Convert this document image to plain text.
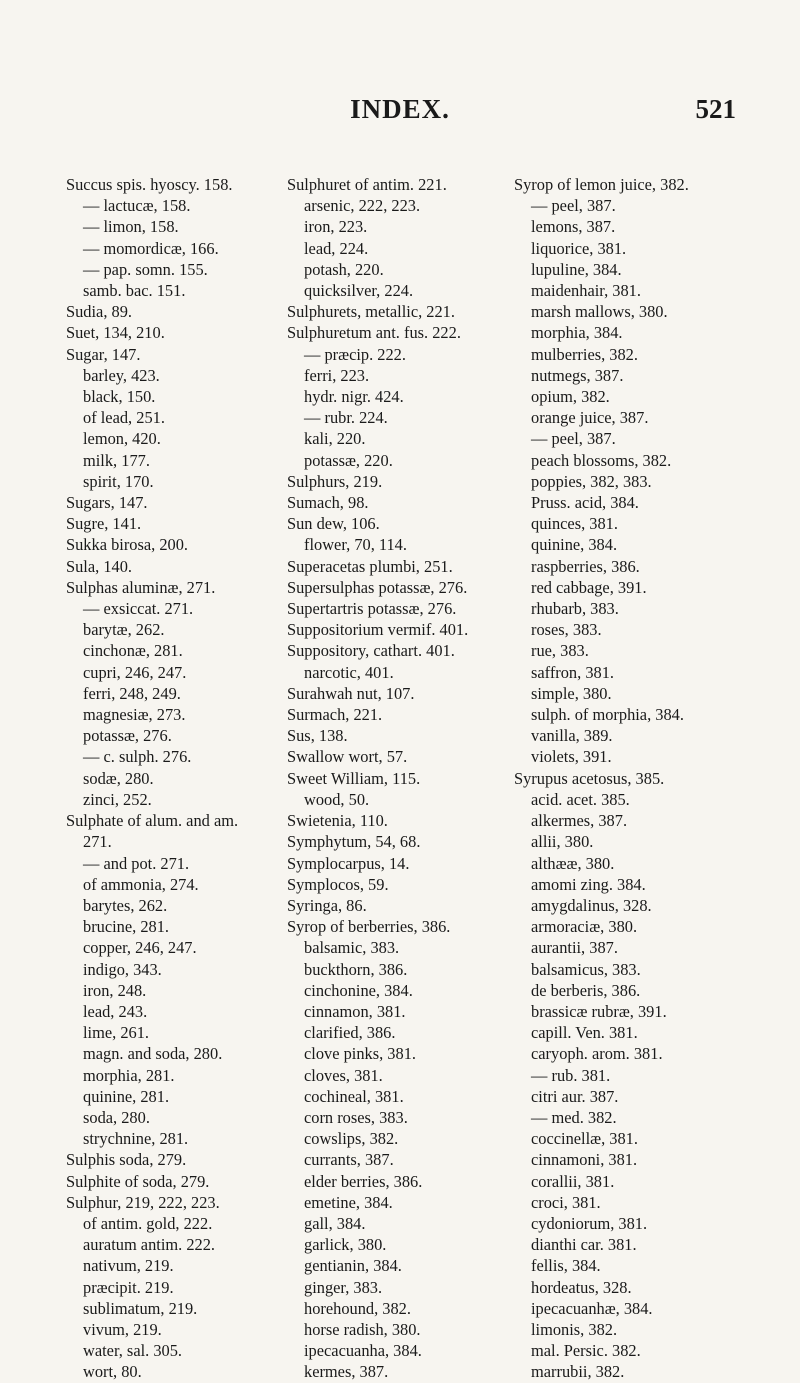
INDEX.	521
Succus spis. hyoscy. 158.
— lactucæ, 158.
— limon, 158.
— momordicæ, 166.
— pap. somn. 155.
samb. bac. 151.
Sudia, 89.
Suet, 134, 210.
Sugar, 147.
barley, 423.
black, 150.
of lead, 251.
lemon, 420.
milk, 177.
spirit, 170.
Sugars, 147.
Sugre, 141.
Sukka birosa, 200.
Sula, 140.
Sulphas aluminæ, 271.
— exsiccat. 271.
barytæ, 262.
cinchonæ, 281.
cupri, 246, 247.
ferri, 248, 249.
magnesiæ, 273.
potassæ, 276.
— c. sulph. 276.
sodæ, 280.
zinci, 252.
Sulphate of alum. and am.
271.
— and pot. 271.
of ammonia, 274.
barytes, 262.
brucine, 281.
copper, 246, 247.
indigo, 343.
iron, 248.
lead, 243.
lime, 261.
magn. and soda, 280.
morphia, 281.
quinine, 281.
soda, 280.
strychnine, 281.
Sulphis soda, 279.
Sulphite of soda, 279.
Sulphur, 219, 222, 223.
of antim. gold, 222.
auratum antim. 222.
nativum, 219.
præcipit. 219.
sublimatum, 219.
vivum, 219.
water, sal. 305.
wort, 80.
Sulphuret of antim. 221.
arsenic, 222, 223.
iron, 223.
lead, 224.
potash, 220.
quicksilver, 224.
Sulphurets, metallic, 221.
Sulphuretum ant. fus. 222.
— præcip. 222.
ferri, 223.
hydr. nigr. 424.
— rubr. 224.
kali, 220.
potassæ, 220.
Sulphurs, 219.
Sumach, 98.
Sun dew, 106.
flower, 70, 114.
Superacetas plumbi, 251.
Supersulphas potassæ, 276.
Supertartris potassæ, 276.
Suppositorium vermif. 401.
Suppository, cathart. 401.
narcotic, 401.
Surahwah nut, 107.
Surmach, 221.
Sus, 138.
Swallow wort, 57.
Sweet William, 115.
wood, 50.
Swietenia, 110.
Symphytum, 54, 68.
Symplocarpus, 14.
Symplocos, 59.
Syringa, 86.
Syrop of berberries, 386.
balsamic, 383.
buckthorn, 386.
cinchonine, 384.
cinnamon, 381.
clarified, 386.
clove pinks, 381.
cloves, 381.
cochineal, 381.
corn roses, 383.
cowslips, 382.
currants, 387.
elder berries, 386.
emetine, 384.
gall, 384.
garlick, 380.
gentianin, 384.
ginger, 383.
horehound, 382.
horse radish, 380.
ipecacuanha, 384.
kermes, 387.
Syrop of lemon juice, 382.
— peel, 387.
lemons, 387.
liquorice, 381.
lupuline, 384.
maidenhair, 381.
marsh mallows, 380.
morphia, 384.
mulberries, 382.
nutmegs, 387.
opium, 382.
orange juice, 387.
— peel, 387.
peach blossoms, 382.
poppies, 382, 383.
Pruss. acid, 384.
quinces, 381.
quinine, 384.
raspberries, 386.
red cabbage, 391.
rhubarb, 383.
roses, 383.
rue, 383.
saffron, 381.
simple, 380.
sulph. of morphia, 384.
vanilla, 389.
violets, 391.
Syrupus acetosus, 385.
acid. acet. 385.
alkermes, 387.
allii, 380.
althææ, 380.
amomi zing. 384.
amygdalinus, 328.
armoraciæ, 380.
aurantii, 387.
balsamicus, 383.
de berberis, 386.
brassicæ rubræ, 391.
capill. Ven. 381.
caryoph. arom. 381.
— rub. 381.
citri aur. 387.
— med. 382.
coccinellæ, 381.
cinnamoni, 381.
corallii, 381.
croci, 381.
cydoniorum, 381.
dianthi car. 381.
fellis, 384.
hordeatus, 328.
ipecacuanhæ, 384.
limonis, 382.
mal. Persic. 382.
marrubii, 382.
